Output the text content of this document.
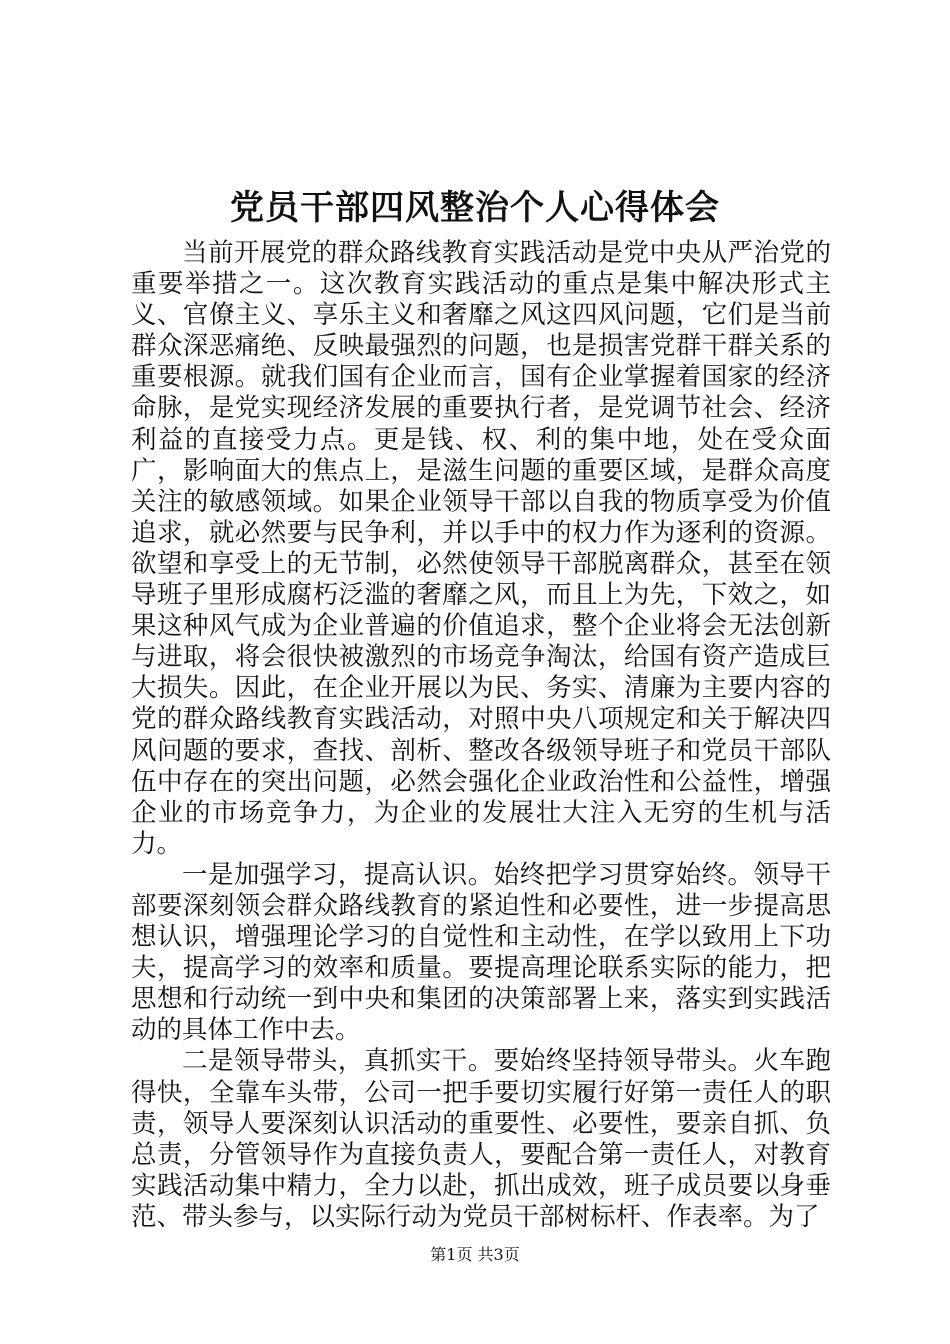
党员干部四风整治个人心得体会

当前开展党的群众路线教育实践活动是党中央从严治党的重要举措之一。这次教育实践活动的重点是集中解决形式主义、官僚主义、享乐主义和奢靡之风这四风问题，它们是当前群众深恶痛绝、反映最强烈的问题，也是损害党群干群关系的重要根源。就我们国有企业而言，国有企业掌握着国家的经济命脉，是党实现经济发展的重要执行者，是党调节社会、经济利益的直接受力点。更是钱、权、利的集中地，处在受众面广，影响面大的焦点上，是滋生问题的重要区域，是群众高度关注的敏感领域。如果企业领导干部以自我的物质享受为价值追求，就必然要与民争利，并以手中的权力作为逐利的资源。欲望和享受上的无节制，必然使领导干部脱离群众，甚至在领导班子里形成腐朽泛滥的奢靡之风，而且上为先，下效之，如果这种风气成为企业普遍的价值追求，整个企业将会无法创新与进取，将会很快被激烈的市场竞争淘汰，给国有资产造成巨大损失。因此，在企业开展以为民、务实、清廉为主要内容的党的群众路线教育实践活动，对照中央八项规定和关于解决四风问题的要求，查找、剖析、整改各级领导班子和党员干部队伍中存在的突出问题，必然会强化企业政治性和公益性，增强企业的市场竞争力，为企业的发展壮大注入无穷的生机与活力。

一是加强学习，提高认识。始终把学习贯穿始终。领导干部要深刻领会群众路线教育的紧迫性和必要性，进一步提高思想认识，增强理论学习的自觉性和主动性，在学以致用上下功夫，提高学习的效率和质量。要提高理论联系实际的能力，把思想和行动统一到中央和集团的决策部署上来，落实到实践活动的具体工作中去。

二是领导带头，真抓实干。要始终坚持领导带头。火车跑得快，全靠车头带，公司一把手要切实履行好第一责任人的职责，领导人要深刻认识活动的重要性、必要性，要亲自抓、负总责，分管领导作为直接负责人，要配合第一责任人，对教育实践活动集中精力，全力以赴，抓出成效，班子成员要以身垂范、带头参与，以实际行动为党员干部树标杆、作表率。为了

第1页 共3页
